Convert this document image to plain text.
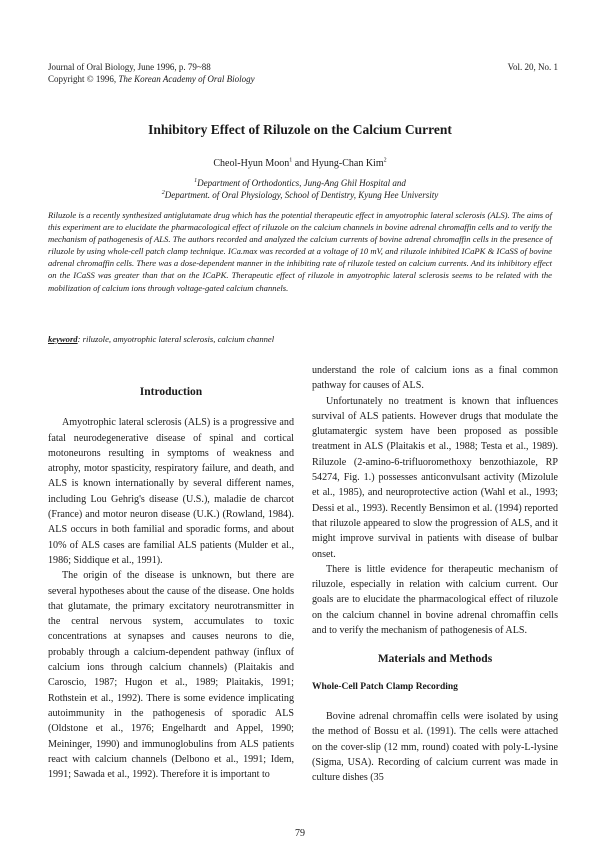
Journal of Oral Biology, June 1996, p. 79~88
Copyright © 1996, The Korean Academy of Oral Biology
Vol. 20, No. 1
Inhibitory Effect of Riluzole on the Calcium Current
Cheol-Hyun Moon$^1$ and Hyung-Chan Kim$^2$
$^1$Department of Orthodontics, Jung-Ang Ghil Hospital and
$^2$Department. of Oral Physiology, School of Dentistry, Kyung Hee University
Riluzole is a recently synthesized antiglutamate drug which has the potential therapeutic effect in amyotrophic lateral sclerosis (ALS). The aims of this experiment are to elucidate the pharmacological effect of riluzole on the calcium channels in bovine adrenal chromaffin cells and to verify the mechanism of pathogenesis of ALS. The authors recorded and analyzed the calcium currents of bovine adrenal chromaffin cells in the presence of riluzole by using whole-cell patch clamp technique. ICa.max was recorded at a voltage of 10 mV, and riluzole inhibited ICaPK & ICaSS of bovine adrenal chromaffin cells. There was a dose-dependent manner in the inhibiting rate of riluzole tested on calcium currents. And its inhibitory effect on the ICaSS was greater than that on the ICaPK. Therapeutic effect of riluzole in amyotrophic lateral sclerosis seems to be related with the mobilization of calcium ions through voltage-gated calcium channels.
keyword: riluzole, amyotrophic lateral sclerosis, calcium channel
Introduction

Amyotrophic lateral sclerosis (ALS) is a progressive and fatal neurodegenerative disease of spinal and cortical motoneurons resulting in symptoms of weakness and atrophy, motor spasticity, respiratory failure, and death, and ALS is known internationally by several different names, including Lou Gehrig's disease (U.S.), maladie de charcot (France) and motor neuron disease (U.K.) (Rowland, 1984). ALS occurs in both familial and sporadic forms, and about 10% of ALS cases are familial ALS patients (Mulder et al., 1986; Siddique et al., 1991).

The origin of the disease is unknown, but there are several hypotheses about the cause of the disease. One holds that glutamate, the primary excitatory neurotransmitter in the central nervous system, accumulates to toxic concentrations at synapses and causes neurons to die, probably through a calcium-dependent pathway (influx of calcium ions through calcium channels) (Plaitakis and Caroscio, 1987; Hugon et al., 1989; Plaitakis, 1991; Rothstein et al., 1992). There is some evidence implicating autoimmunity in the pathogenesis of sporadic ALS (Oldstone et al., 1976; Engelhardt and Appel, 1990; Meininger, 1990) and immunoglobulins from ALS patients react with calcium channels (Delbono et al., 1991; Idem, 1991; Sawada et al., 1992). Therefore it is important to

understand the role of calcium ions as a final common pathway for causes of ALS.

Unfortunately no treatment is known that influences survival of ALS patients. However drugs that modulate the glutamatergic system have been proposed as possible treatment in ALS (Plaitakis et al., 1988; Testa et al., 1989). Riluzole (2-amino-6-trifluoromethoxy benzothiazole, RP 54274, Fig. 1.) possesses anticonvulsant activity (Mizolule et al., 1985), and neuroprotective action (Wahl et al., 1993; Dessi et al., 1993). Recently Bensimon et al. (1994) reported that riluzole appeared to slow the progression of ALS, and it might improve survival in patients with disease of bulbar onset.

There is little evidence for therapeutic mechanism of riluzole, especially in relation with calcium current. Our goals are to elucidate the pharmacological effect of riluzole on the calcium channel in bovine adrenal chromaffin cells and to verify the mechanism of pathogenesis of ALS.

Materials and Methods
Whole-Cell Patch Clamp Recording

Bovine adrenal chromaffin cells were isolated by using the method of Bossu et al. (1991). The cells were attached on the cover-slip (12 mm, round) coated with poly-L-lysine (Sigma, USA). Recording of calcium current was made in culture dishes (35

79
